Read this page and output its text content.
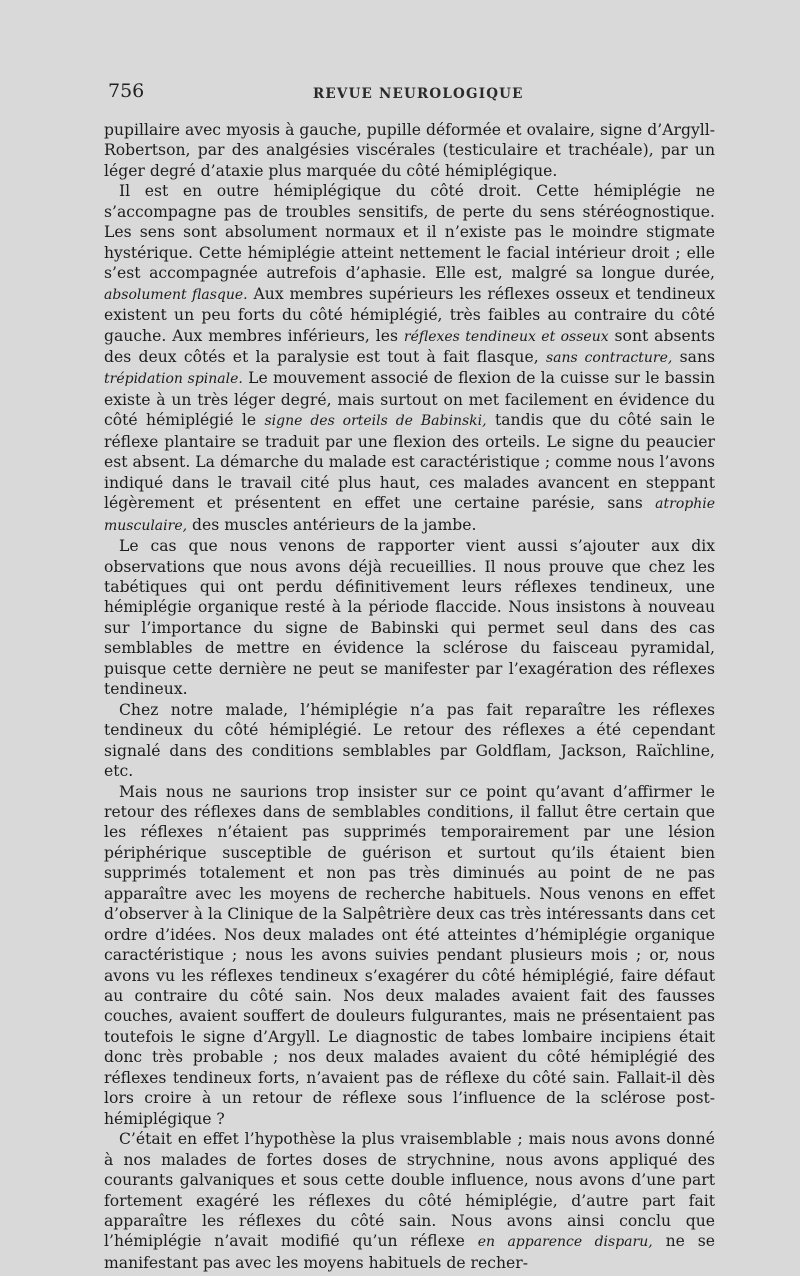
756	REVUE NEUROLOGIQUE

pupillaire avec myosis à gauche, pupille déformée et ovalaire, signe d’Argyll-Robertson, par des analgésies viscérales (testiculaire et trachéale), par un léger degré d’ataxie plus marquée du côté hémiplégique.

Il est en outre hémiplégique du côté droit. Cette hémiplégie ne s’accompagne pas de troubles sensitifs, de perte du sens stéréognostique. Les sens sont absolument normaux et il n’existe pas le moindre stigmate hystérique. Cette hémiplégie atteint nettement le facial intérieur droit ; elle s’est accompagnée autrefois d’aphasie. Elle est, malgré sa longue durée, absolument flasque. Aux membres supérieurs les réflexes osseux et tendineux existent un peu forts du côté hémiplégié, très faibles au contraire du côté gauche. Aux membres inférieurs, les réflexes tendineux et osseux sont absents des deux côtés et la paralysie est tout à fait flasque, sans contracture, sans trépidation spinale. Le mouvement associé de flexion de la cuisse sur le bassin existe à un très léger degré, mais surtout on met facilement en évidence du côté hémiplégié le signe des orteils de Babinski, tandis que du côté sain le réflexe plantaire se traduit par une flexion des orteils. Le signe du peaucier est absent. La démarche du malade est caractéristique ; comme nous l’avons indiqué dans le travail cité plus haut, ces malades avancent en steppant légèrement et présentent en effet une certaine parésie, sans atrophie musculaire, des muscles antérieurs de la jambe.

Le cas que nous venons de rapporter vient aussi s’ajouter aux dix observations que nous avons déjà recueillies. Il nous prouve que chez les tabétiques qui ont perdu définitivement leurs réflexes tendineux, une hémiplégie organique resté à la période flaccide. Nous insistons à nouveau sur l’importance du signe de Babinski qui permet seul dans des cas semblables de mettre en évidence la sclérose du faisceau pyramidal, puisque cette dernière ne peut se manifester par l’exagération des réflexes tendineux.

Chez notre malade, l’hémiplégie n’a pas fait reparaître les réflexes tendineux du côté hémiplégié. Le retour des réflexes a été cependant signalé dans des conditions semblables par Goldflam, Jackson, Raïchline, etc.

Mais nous ne saurions trop insister sur ce point qu’avant d’affirmer le retour des réflexes dans de semblables conditions, il fallut être certain que les réflexes n’étaient pas supprimés temporairement par une lésion périphérique susceptible de guérison et surtout qu’ils étaient bien supprimés totalement et non pas très diminués au point de ne pas apparaître avec les moyens de recherche habituels. Nous venons en effet d’observer à la Clinique de la Salpêtrière deux cas très intéressants dans cet ordre d’idées. Nos deux malades ont été atteintes d’hémiplégie organique caractéristique ; nous les avons suivies pendant plusieurs mois ; or, nous avons vu les réflexes tendineux s’exagérer du côté hémiplégié, faire défaut au contraire du côté sain. Nos deux malades avaient fait des fausses couches, avaient souffert de douleurs fulgurantes, mais ne présentaient pas toutefois le signe d’Argyll. Le diagnostic de tabes lombaire incipiens était donc très probable ; nos deux malades avaient du côté hémiplégié des réflexes tendineux forts, n’avaient pas de réflexe du côté sain. Fallait-il dès lors croire à un retour de réflexe sous l’influence de la sclérose post-hémiplégique ?

C’était en effet l’hypothèse la plus vraisemblable ; mais nous avons donné à nos malades de fortes doses de strychnine, nous avons appliqué des courants galvaniques et sous cette double influence, nous avons d’une part fortement exagéré les réflexes du côté hémiplégie, d’autre part fait apparaître les réflexes du côté sain. Nous avons ainsi conclu que l’hémiplégie n’avait modifié qu’un réflexe en apparence disparu, ne se manifestant pas avec les moyens habituels de recher-
